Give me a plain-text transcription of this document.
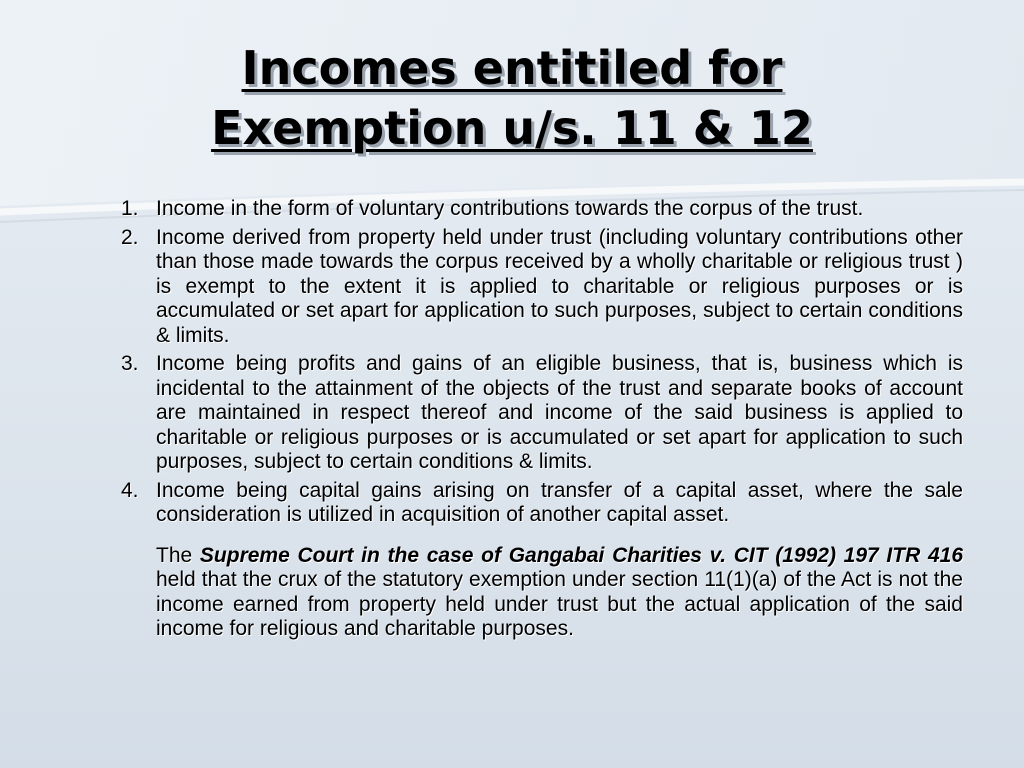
Incomes entitiled for
Exemption u/s. 11 & 12
1. Income in the form of voluntary contributions towards the corpus of the trust.
2. Income derived from property held under trust (including voluntary contributions other than those made towards the corpus received by a wholly charitable or religious trust ) is exempt to the extent it is applied to charitable or religious purposes or is accumulated or set apart for application to such purposes, subject to certain conditions & limits.
3. Income being profits and gains of an eligible business, that is, business which is incidental to the attainment of the objects of the trust and separate books of account are maintained in respect thereof and income of the said business is applied to charitable or religious purposes or is accumulated or set apart for application to such purposes, subject to certain conditions & limits.
4. Income being capital gains arising on transfer of a capital asset, where the sale consideration is utilized in acquisition of another capital asset.
The Supreme Court in the case of Gangabai Charities v. CIT (1992) 197 ITR 416 held that the crux of the statutory exemption under section 11(1)(a) of the Act is not the income earned from property held under trust but the actual application of the said income for religious and charitable purposes.
